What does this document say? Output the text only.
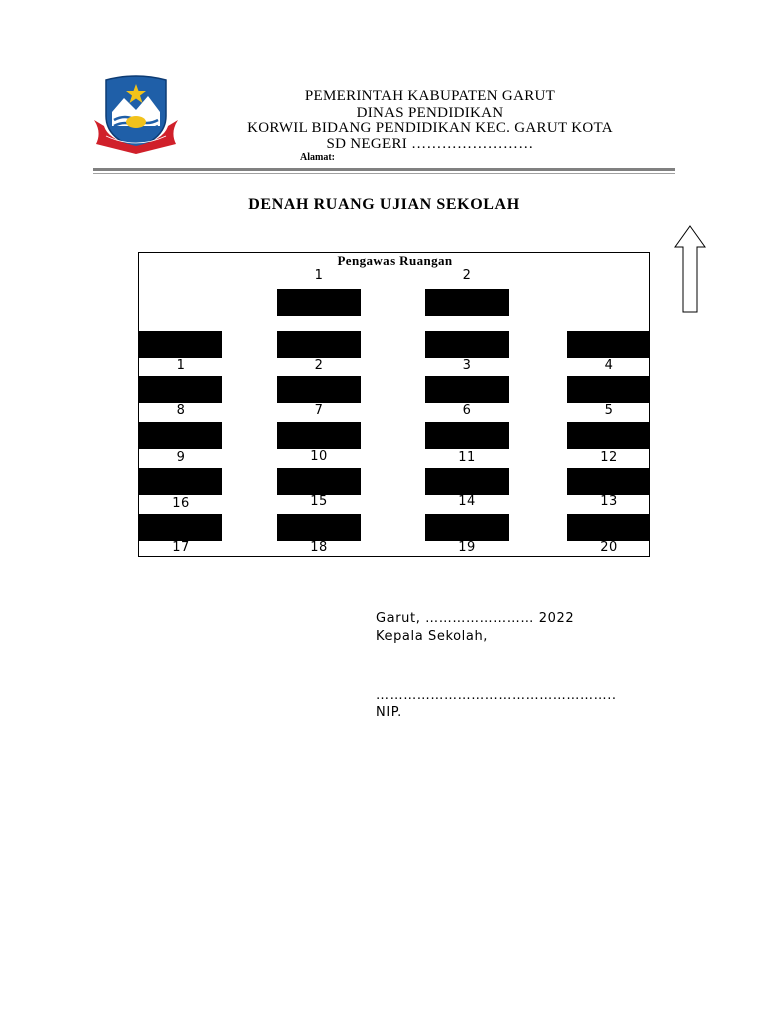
PEMERINTAH KABUPATEN GARUT
DINAS PENDIDIKAN
KORWIL BIDANG PENDIDIKAN KEC. GARUT KOTA
SD NEGERI ……………………
Alamat:
DENAH RUANG UJIAN SEKOLAH
Pengawas Ruangan
1	2
1	2	3	4
8	7	6	5
9	10	11	12
16	15	14	13
17	18	19	20
Garut, …………………… 2022
Kepala Sekolah,
……………………………………………..
NIP.
